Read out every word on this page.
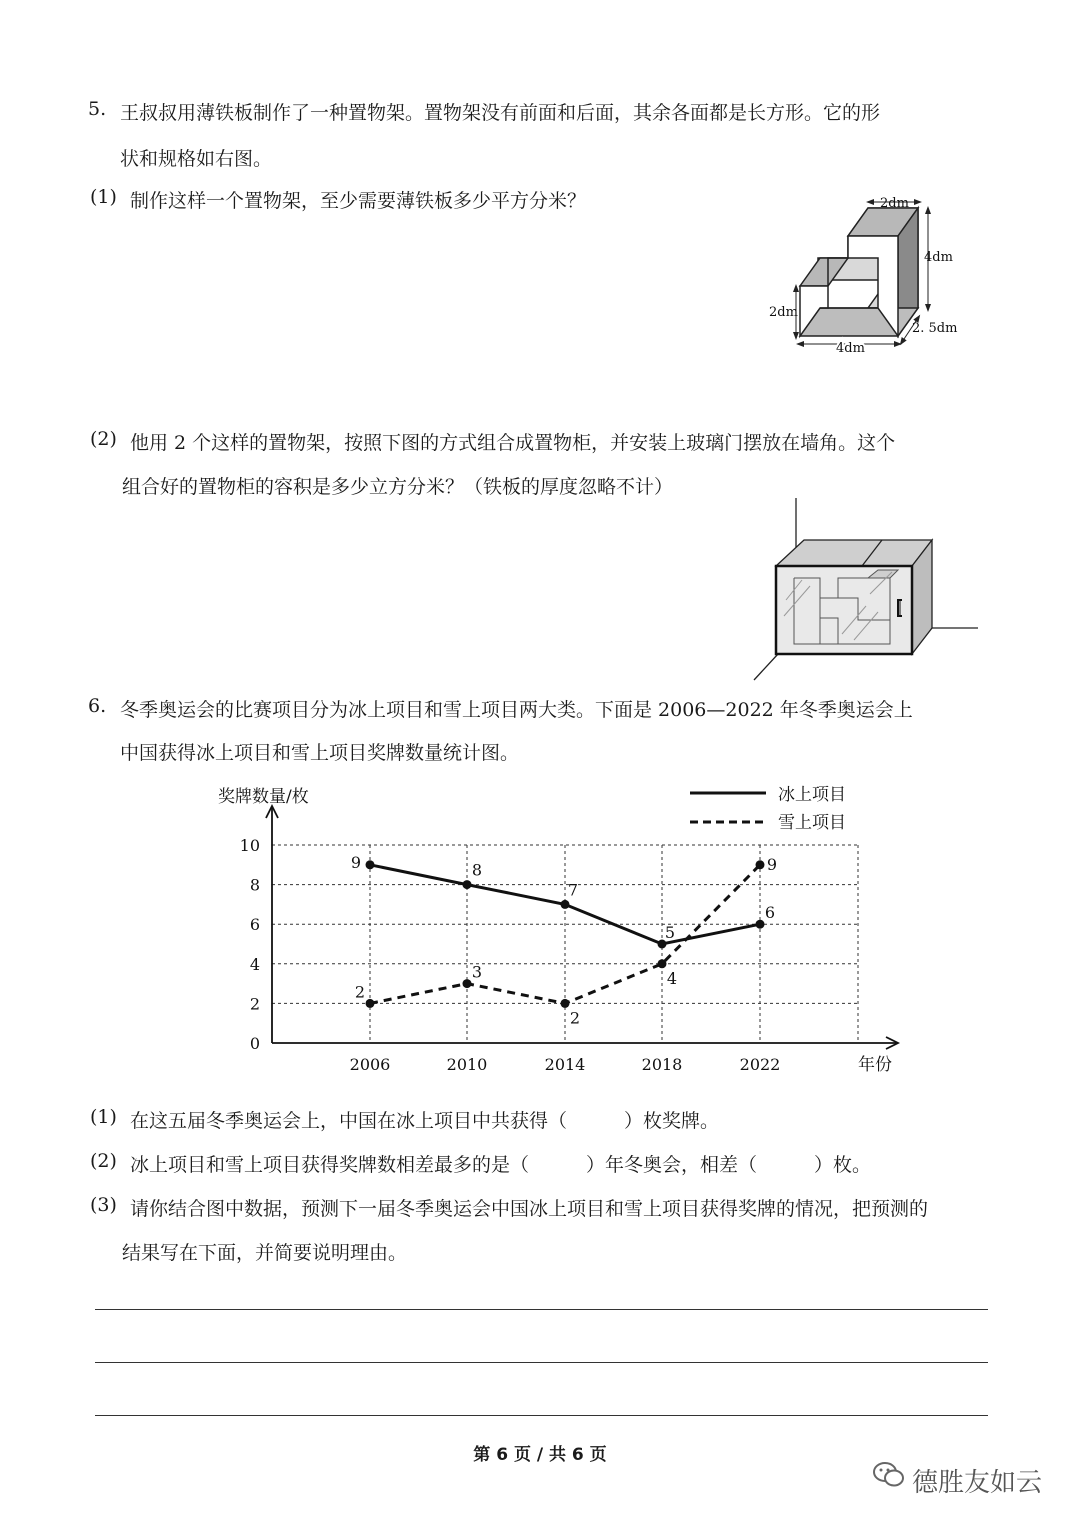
5. 王叔叔用薄铁板制作了一种置物架。置物架没有前面和后面，其余各面都是长方形。它的形
状和规格如右图。
(1) 制作这样一个置物架，至少需要薄铁板多少平方分米？	2dm
4dm
2dm
4dm
2. 5dm
(2) 他用 2 个这样的置物架，按照下图的方式组合成置物柜，并安装上玻璃门摆放在墙角。这个
组合好的置物柜的容积是多少立方分米？（铁板的厚度忽略不计）
6. 冬季奥运会的比赛项目分为冰上项目和雪上项目两大类。下面是 2006—2022 年冬季奥运会上
中国获得冰上项目和雪上项目奖牌数量统计图。
奖牌数量/枚
年份
冰上项目
雪上项目
0
2
4
6
8
10
2006	2010	2014	2018	2022
9	8
7
5
6
2
3
2
4
9
(1) 在这五届冬季奥运会上，中国在冰上项目中共获得（　　　）枚奖牌。
(2) 冰上项目和雪上项目获得奖牌数相差最多的是（　　　）年冬奥会，相差（　　　）枚。
(3) 请你结合图中数据，预测下一届冬季奥运会中国冰上项目和雪上项目获得奖牌的情况，把预测的
结果写在下面，并简要说明理由。
第 6 页 / 共 6 页
德胜友如云
